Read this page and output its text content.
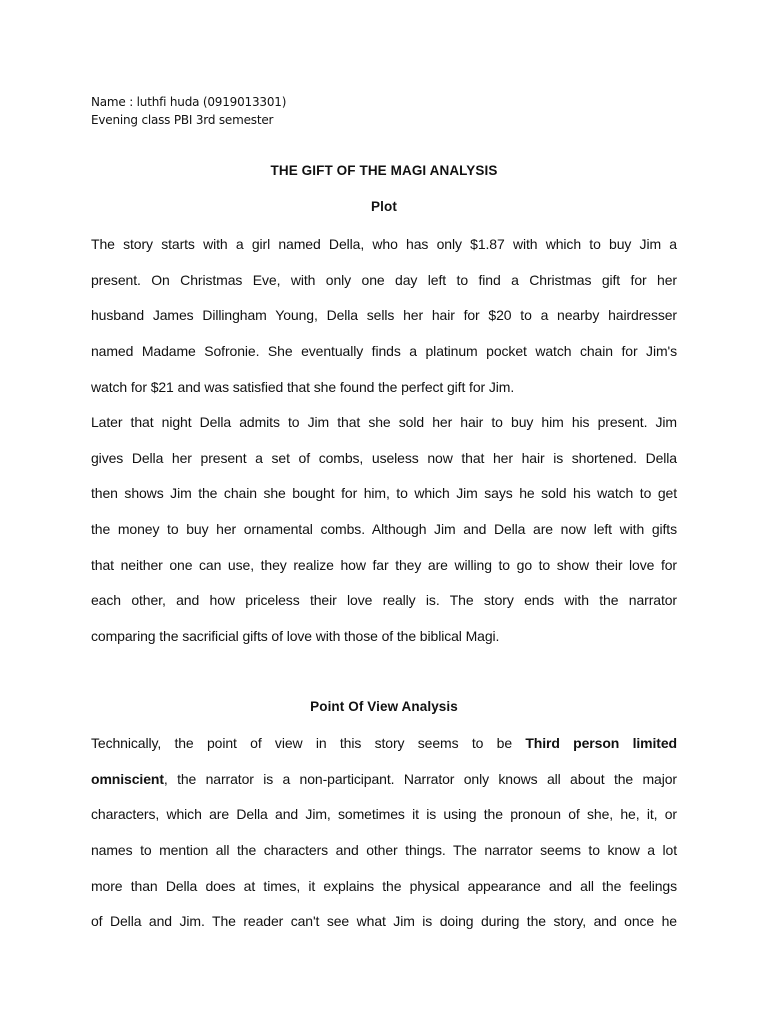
Name : luthfi huda (0919013301)
Evening class PBI 3rd semester
THE GIFT OF THE MAGI ANALYSIS
Plot
The story starts with a girl named Della, who has only $1.87 with which to buy Jim a
present. On Christmas Eve, with only one day left to find a Christmas gift for her
husband James Dillingham Young, Della sells her hair for $20 to a nearby hairdresser
named Madame Sofronie. She eventually finds a platinum pocket watch chain for Jim's
watch for $21 and was satisfied that she found the perfect gift for Jim.
Later that night Della admits to Jim that she sold her hair to buy him his present. Jim
gives Della her present a set of combs, useless now that her hair is shortened. Della
then shows Jim the chain she bought for him, to which Jim says he sold his watch to get
the money to buy her ornamental combs. Although Jim and Della are now left with gifts
that neither one can use, they realize how far they are willing to go to show their love for
each other, and how priceless their love really is. The story ends with the narrator
comparing the sacrificial gifts of love with those of the biblical Magi.
Point Of View Analysis
Technically, the point of view in this story seems to be Third person limited
omniscient, the narrator is a non-participant. Narrator only knows all about the major
characters, which are Della and Jim, sometimes it is using the pronoun of she, he, it, or
names to mention all the characters and other things. The narrator seems to know a lot
more than Della does at times, it explains the physical appearance and all the feelings
of Della and Jim. The reader can't see what Jim is doing during the story, and once he
